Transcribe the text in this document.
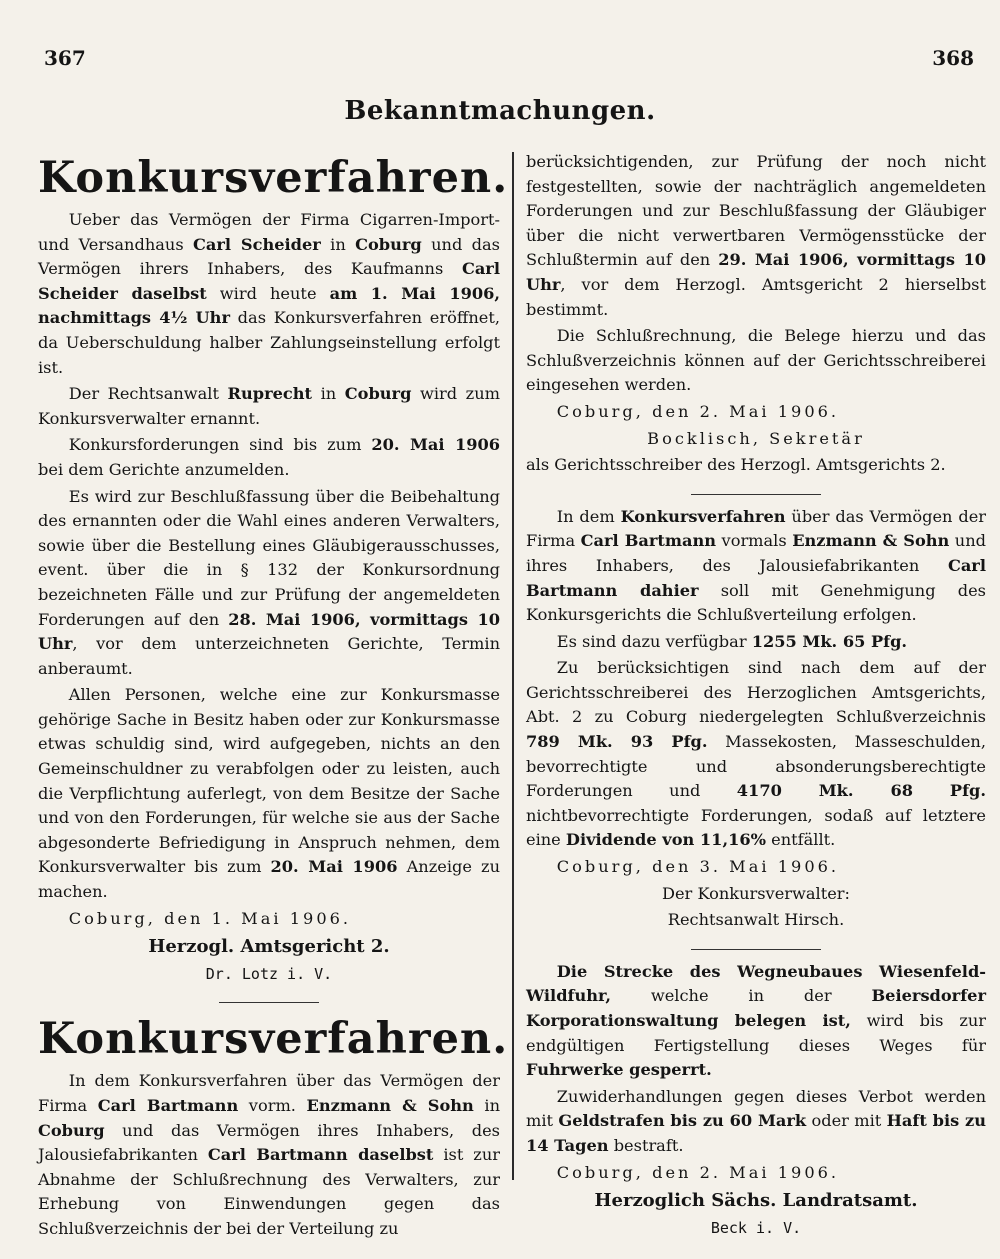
367	368
Bekanntmachungen.
Konkursverfahren.

Ueber das Vermögen der Firma Cigarren-Import- und Versandhaus Carl Scheider in Coburg und das Vermögen ihrers Inhabers, des Kaufmanns Carl Scheider daselbst wird heute am 1. Mai 1906, nachmittags 4½ Uhr das Konkursverfahren eröffnet, da Ueberschuldung halber Zahlungseinstellung erfolgt ist.

Der Rechtsanwalt Ruprecht in Coburg wird zum Konkursverwalter ernannt.

Konkursforderungen sind bis zum 20. Mai 1906 bei dem Gerichte anzumelden.

Es wird zur Beschlußfassung über die Beibehaltung des ernannten oder die Wahl eines anderen Verwalters, sowie über die Bestellung eines Gläubigerausschusses, event. über die in § 132 der Konkursordnung bezeichneten Fälle und zur Prüfung der angemeldeten Forderungen auf den 28. Mai 1906, vormittags 10 Uhr, vor dem unterzeichneten Gerichte, Termin anberaumt.

Allen Personen, welche eine zur Konkursmasse gehörige Sache in Besitz haben oder zur Konkursmasse etwas schuldig sind, wird aufgegeben, nichts an den Gemeinschuldner zu verabfolgen oder zu leisten, auch die Verpflichtung auferlegt, von dem Besitze der Sache und von den Forderungen, für welche sie aus der Sache abgesonderte Befriedigung in Anspruch nehmen, dem Konkursverwalter bis zum 20. Mai 1906 Anzeige zu machen.

Coburg, den 1. Mai 1906.

Herzogl. Amtsgericht 2.
Dr. Lotz i. V.
Konkursverfahren.

In dem Konkursverfahren über das Vermögen der Firma Carl Bartmann vorm. Enzmann & Sohn in Coburg und das Vermögen ihres Inhabers, des Jalousiefabrikanten Carl Bartmann daselbst ist zur Abnahme der Schlußrechnung des Verwalters, zur Erhebung von Einwendungen gegen das Schlußverzeichnis der bei der Verteilung zu

berücksichtigenden, zur Prüfung der noch nicht festgestellten, sowie der nachträglich angemeldeten Forderungen und zur Beschlußfassung der Gläubiger über die nicht verwertbaren Vermögensstücke der Schlußtermin auf den 29. Mai 1906, vormittags 10 Uhr, vor dem Herzogl. Amtsgericht 2 hierselbst bestimmt.

Die Schlußrechnung, die Belege hierzu und das Schlußverzeichnis können auf der Gerichtsschreiberei eingesehen werden.

Coburg, den 2. Mai 1906.

Bocklisch, Sekretär

als Gerichtsschreiber des Herzogl. Amtsgerichts 2.

In dem Konkursverfahren über das Vermögen der Firma Carl Bartmann vormals Enzmann & Sohn und ihres Inhabers, des Jalousiefabrikanten Carl Bartmann dahier soll mit Genehmigung des Konkursgerichts die Schlußverteilung erfolgen.

Es sind dazu verfügbar 1255 Mk. 65 Pfg.

Zu berücksichtigen sind nach dem auf der Gerichtsschreiberei des Herzoglichen Amtsgerichts, Abt. 2 zu Coburg niedergelegten Schlußverzeichnis 789 Mk. 93 Pfg. Massekosten, Masseschulden, bevorrechtigte und absonderungsberechtigte Forderungen und 4170 Mk. 68 Pfg. nichtbevorrechtigte Forderungen, sodaß auf letztere eine Dividende von 11,16% entfällt.

Coburg, den 3. Mai 1906.

Der Konkursverwalter:

Rechtsanwalt Hirsch.

Die Strecke des Wegneubaues Wiesenfeld-Wildfuhr, welche in der Beiersdorfer Korporationswaltung belegen ist, wird bis zur endgültigen Fertigstellung dieses Weges für Fuhrwerke gesperrt.

Zuwiderhandlungen gegen dieses Verbot werden mit Geldstrafen bis zu 60 Mark oder mit Haft bis zu 14 Tagen bestraft.

Coburg, den 2. Mai 1906.

Herzoglich Sächs. Landratsamt.
Beck i. V.
